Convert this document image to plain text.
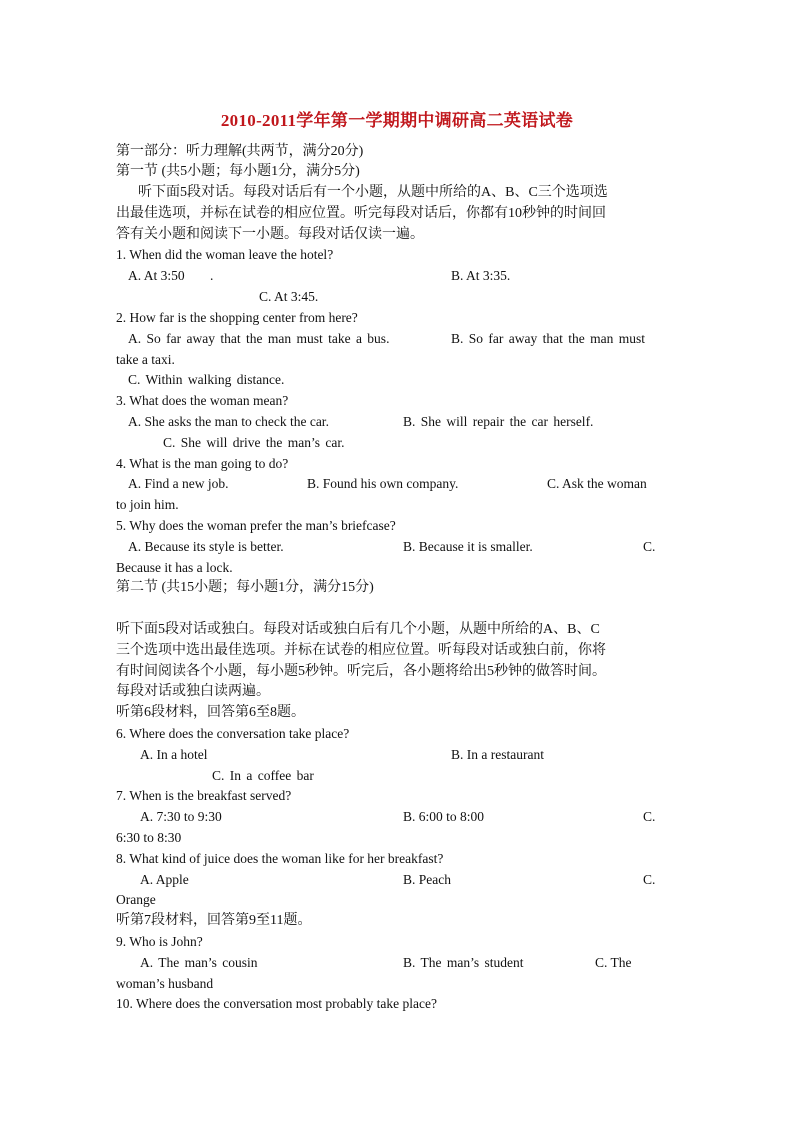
2010-2011学年第一学期期中调研高二英语试卷
第一部分：听力理解(共两节，满分20分)
第一节 (共5小题；每小题1分，满分5分)
听下面5段对话。每段对话后有一个小题，从题中所给的A、B、C三个选项选
出最佳选项，并标在试卷的相应位置。听完每段对话后，你都有10秒钟的时间回
答有关小题和阅读下一小题。每段对话仅读一遍。
1. When did the woman leave the hotel?
A. At 3:50 .	B. At 3:35.
C. At 3:45.
2. How far is the shopping center from here?
A. So far away that the man must take a bus.	B. So far away that the man must
take a taxi.
C. Within walking distance.
3. What does the woman mean?
A. She asks the man to check the car.	B. She will repair the car herself.
C. She will drive the man’s car.
4. What is the man going to do?
A. Find a new job.	B. Found his own company.	C. Ask the woman
to join him.
5. Why does the woman prefer the man’s briefcase?
A. Because its style is better.	B. Because it is smaller.	C.
Because it has a lock.
第二节 (共15小题；每小题1分，满分15分)
听下面5段对话或独白。每段对话或独白后有几个小题，从题中所给的A、B、C
三个选项中选出最佳选项。并标在试卷的相应位置。听每段对话或独白前，你将
有时间阅读各个小题，每小题5秒钟。听完后，各小题将给出5秒钟的做答时间。
每段对话或独白读两遍。
听第6段材料，回答第6至8题。
6. Where does the conversation take place?
A. In a hotel	B. In a restaurant
C. In a coffee bar
7. When is the breakfast served?
A. 7:30 to 9:30	B. 6:00 to 8:00	C.
6:30 to 8:30
8. What kind of juice does the woman like for her breakfast?
A. Apple	B. Peach	C.
Orange
听第7段材料，回答第9至11题。
9. Who is John?
A. The man’s cousin	B. The man’s student	C. The
woman’s husband
10. Where does the conversation most probably take place?
